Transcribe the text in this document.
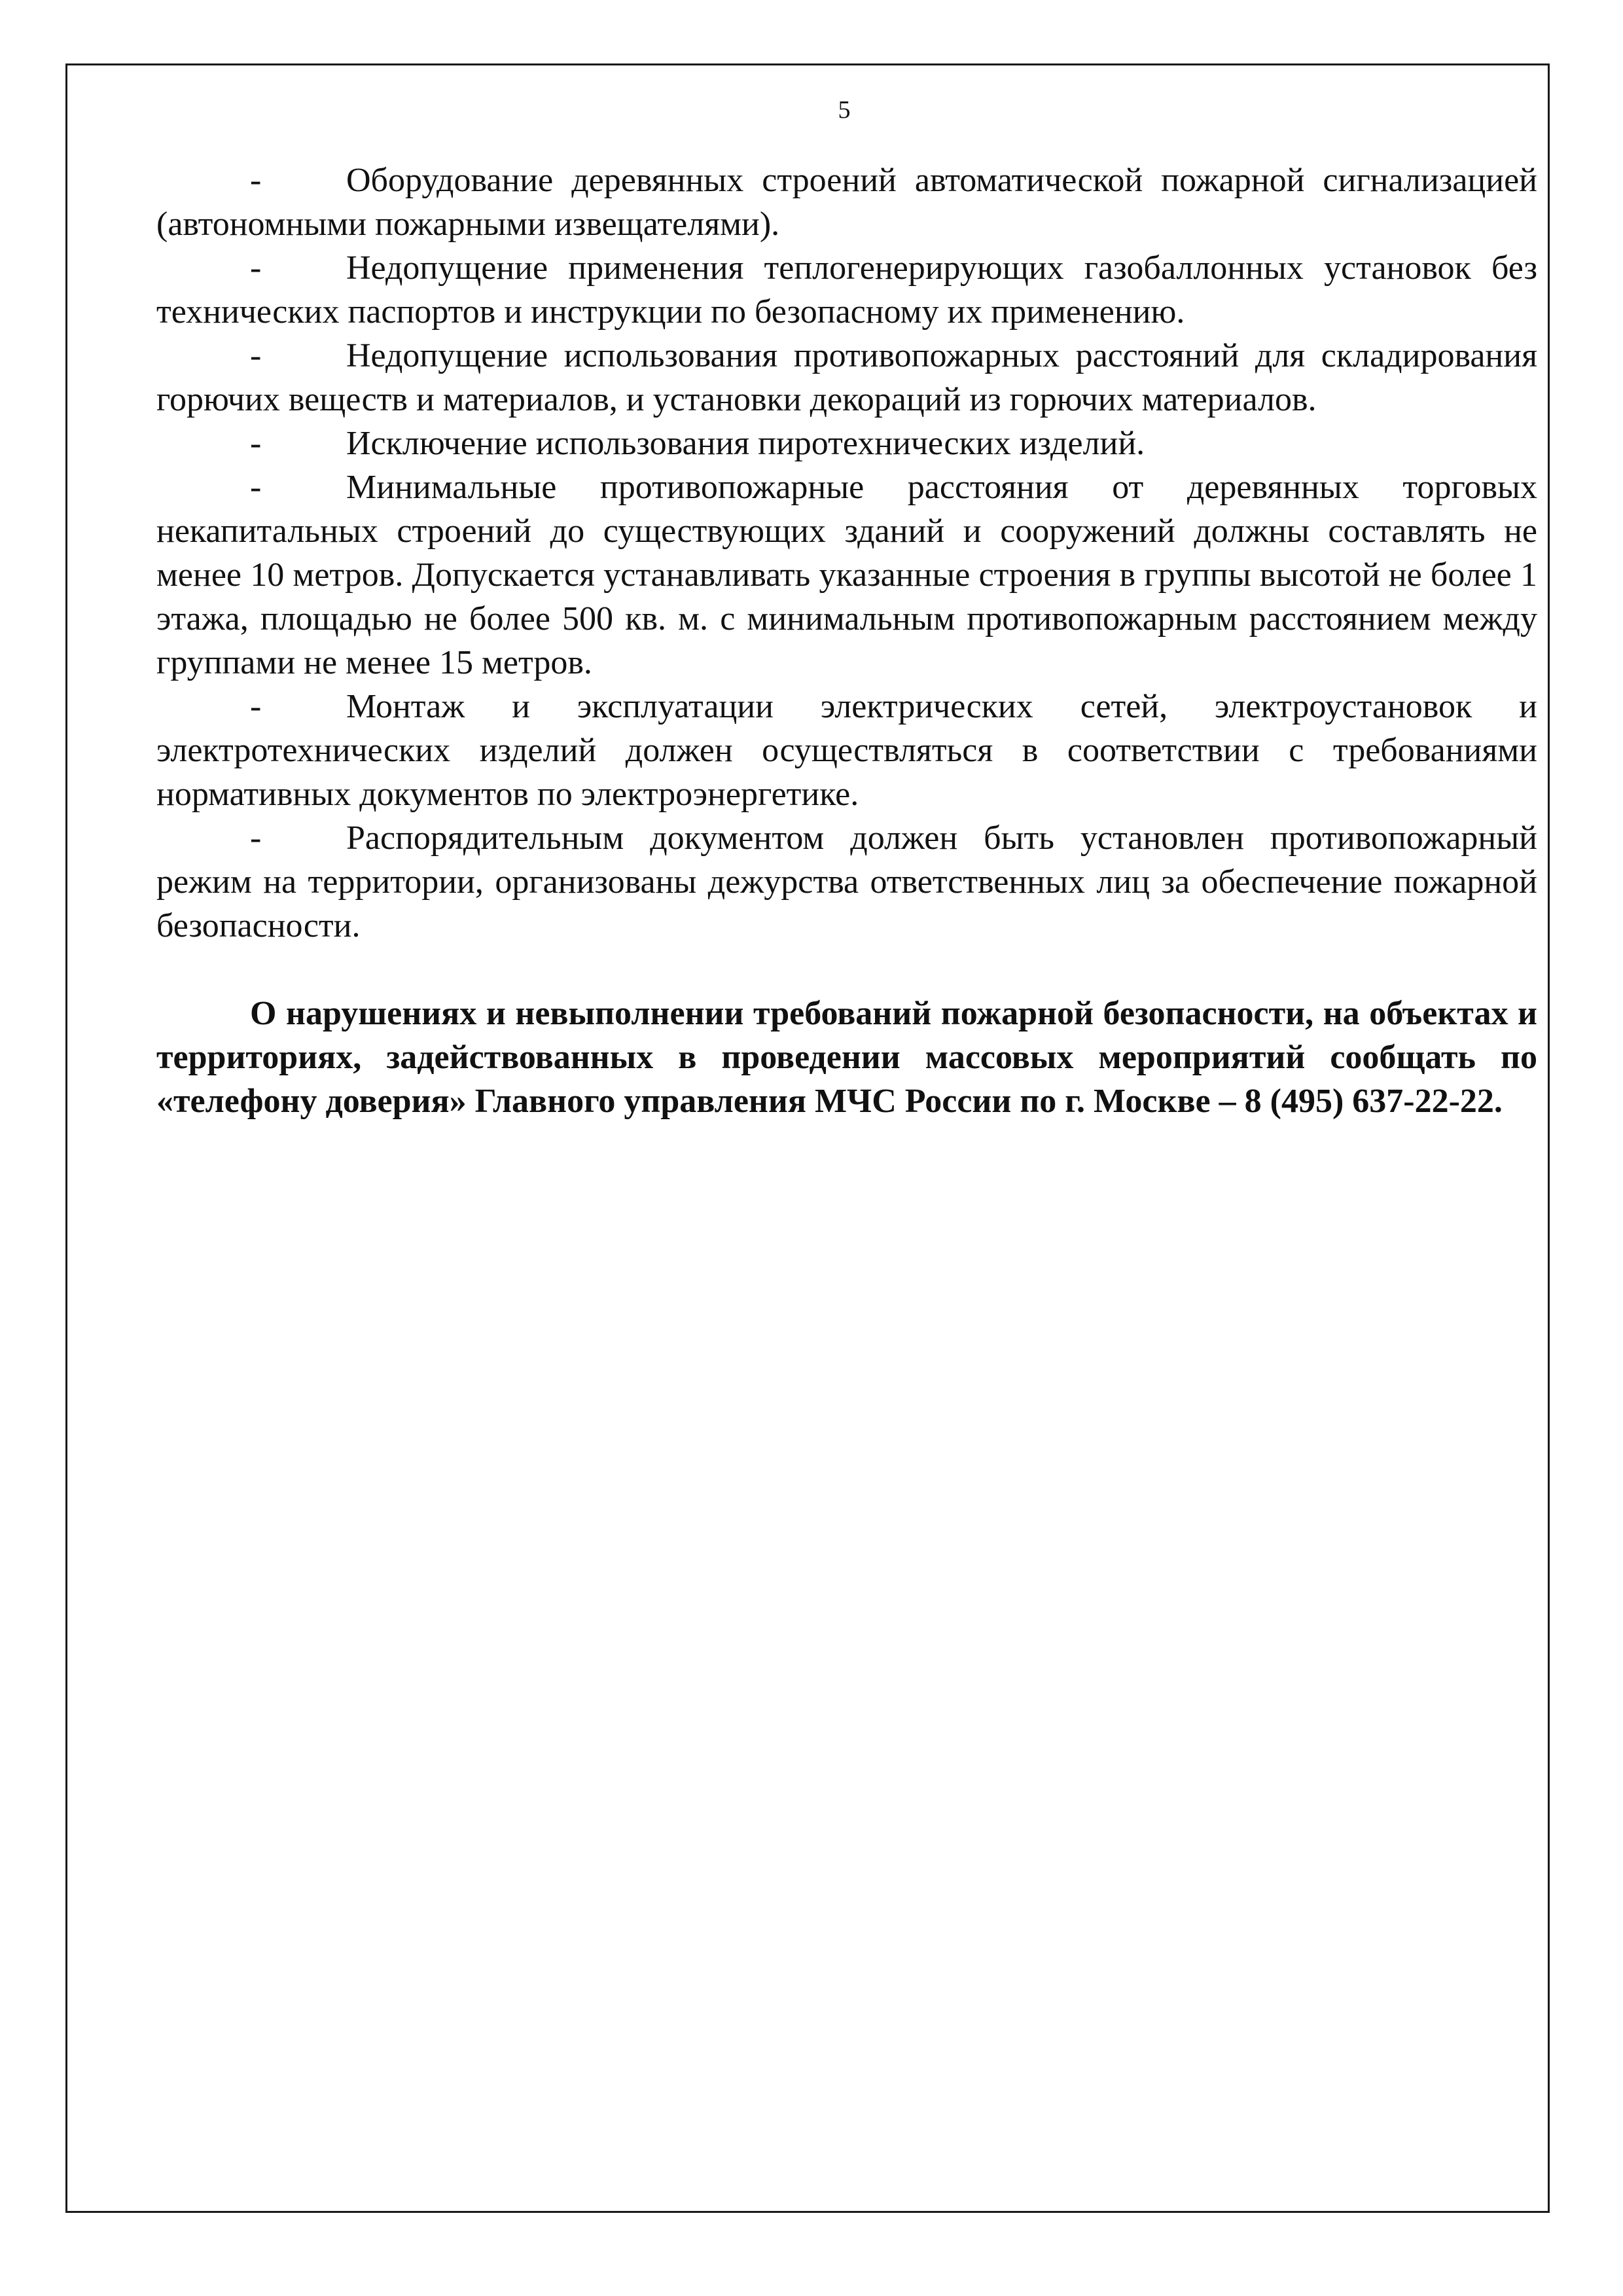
5

- Оборудование деревянных строений автоматической пожарной сигнализацией (автономными пожарными извещателями).

- Недопущение применения теплогенерирующих газобаллонных установок без технических паспортов и инструкции по безопасному их применению.

- Недопущение использования противопожарных расстояний для складирования горючих веществ и материалов, и установки декораций из горючих материалов.

- Исключение использования пиротехнических изделий.

- Минимальные противопожарные расстояния от деревянных торговых некапитальных строений до существующих зданий и сооружений должны составлять не менее 10 метров. Допускается устанавливать указанные строения в группы высотой не более 1 этажа, площадью не более 500 кв. м. с минимальным противопожарным расстоянием между группами не менее 15 метров.

- Монтаж и эксплуатации электрических сетей, электроустановок и электротехнических изделий должен осуществляться в соответствии с требованиями нормативных документов по электроэнергетике.

- Распорядительным документом должен быть установлен противопожарный режим на территории, организованы дежурства ответственных лиц за обеспечение пожарной безопасности.

О нарушениях и невыполнении требований пожарной безопасности, на объектах и территориях, задействованных в проведении массовых мероприятий сообщать по «телефону доверия» Главного управления МЧС России по г. Москве – 8 (495) 637-22-22.
